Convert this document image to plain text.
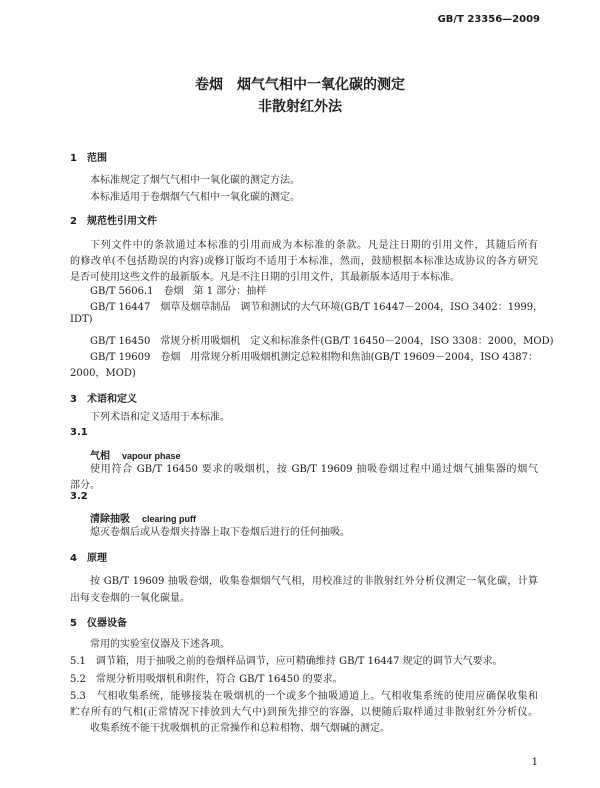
GB/T 23356—2009
卷烟　烟气气相中一氧化碳的测定
非散射红外法
1　范围
本标准规定了烟气气相中一氧化碳的测定方法。
本标准适用于卷烟烟气气相中一氧化碳的测定。
2　规范性引用文件
下列文件中的条款通过本标准的引用而成为本标准的条款。凡是注日期的引用文件，其随后所有
的修改单(不包括勘误的内容)或修订版均不适用于本标准，然而，鼓励根据本标准达成协议的各方研究
是否可使用这些文件的最新版本。凡是不注日期的引用文件，其最新版本适用于本标准。
GB/T 5606.1　卷烟　第 1 部分：抽样
GB/T 16447　烟草及烟草制品　调节和测试的大气环境(GB/T 16447－2004，ISO 3402：1999，
IDT)
GB/T 16450　常规分析用吸烟机　定义和标准条件(GB/T 16450－2004，ISO 3308：2000，MOD)
GB/T 19609　卷烟　用常规分析用吸烟机测定总粒相物和焦油(GB/T 19609－2004，ISO 4387：
2000，MOD)
3　术语和定义
下列术语和定义适用于本标准。
3.1
气相 vapour phase
使用符合 GB/T 16450 要求的吸烟机，按 GB/T 19609 抽吸卷烟过程中通过烟气捕集器的烟气
部分。
3.2
清除抽吸 clearing puff
熄灭卷烟后或从卷烟夹持器上取下卷烟后进行的任何抽吸。
4　原理
按 GB/T 19609 抽吸卷烟，收集卷烟烟气气相，用校准过的非散射红外分析仪测定一氧化碳，计算
出每支卷烟的一氧化碳量。
5　仪器设备
常用的实验室仪器及下述各项。
5.1　调节箱，用于抽吸之前的卷烟样品调节，应可精确维持 GB/T 16447 规定的调节大气要求。
5.2　常规分析用吸烟机和附件，符合 GB/T 16450 的要求。
5.3　气相收集系统，能够接装在吸烟机的一个或多个抽吸通道上。气相收集系统的使用应确保收集和
贮存所有的气相(正常情况下排放到大气中)到预先排空的容器，以便随后取样通过非散射红外分析仪。
收集系统不能干扰吸烟机的正常操作和总粒相物、烟气烟碱的测定。
1
